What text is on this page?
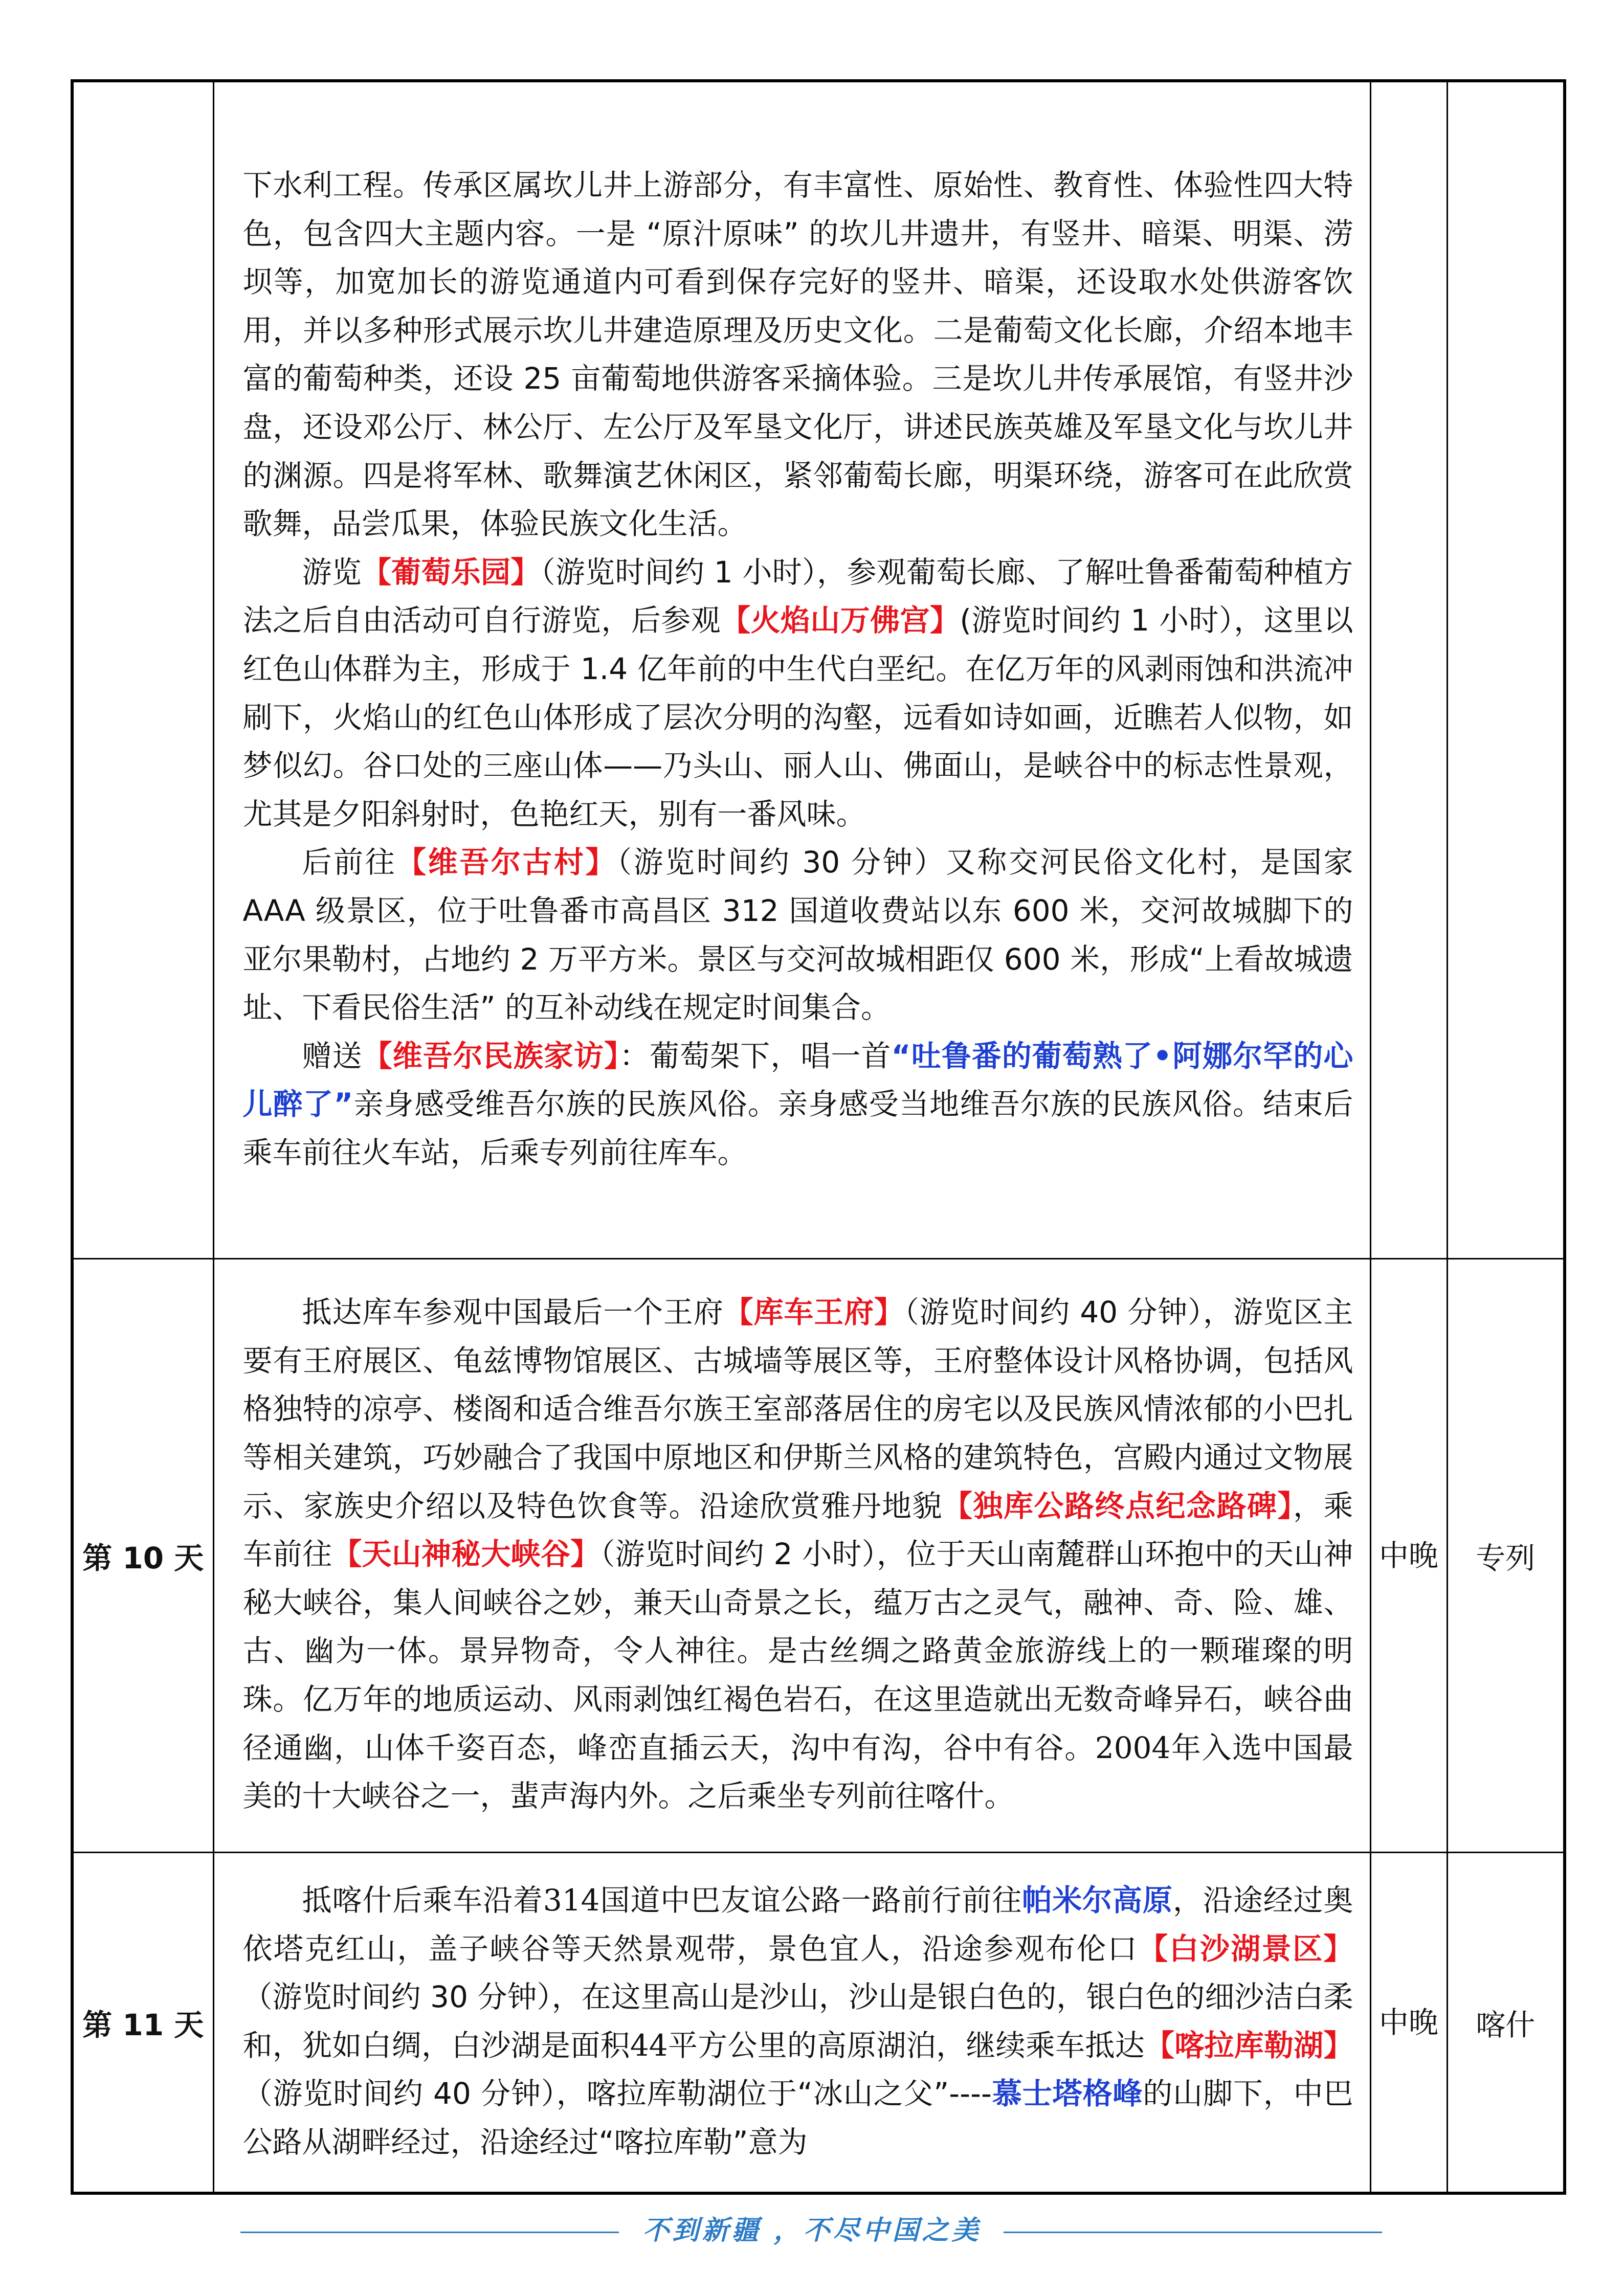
	下水利工程。传承区属坎儿井上游部分，有丰富性、原始性、教育性、体验性四大特色，包含四大主题内容。一是 “原汁原味” 的坎儿井遗井，有竖井、暗渠、明渠、涝坝等，加宽加长的游览通道内可看到保存完好的竖井、暗渠，还设取水处供游客饮用，并以多种形式展示坎儿井建造原理及历史文化。二是葡萄文化长廊，介绍本地丰富的葡萄种类，还设 25 亩葡萄地供游客采摘体验。三是坎儿井传承展馆，有竖井沙盘，还设邓公厅、林公厅、左公厅及军垦文化厅，讲述民族英雄及军垦文化与坎儿井的渊源。四是将军林、歌舞演艺休闲区，紧邻葡萄长廊，明渠环绕，游客可在此欣赏歌舞，品尝瓜果，体验民族文化生活。

游览【葡萄乐园】（游览时间约 1 小时），参观葡萄长廊、了解吐鲁番葡萄种植方法之后自由活动可自行游览，后参观【火焰山万佛宫】(游览时间约 1 小时），这里以红色山体群为主，形成于 1.4 亿年前的中生代白垩纪。在亿万年的风剥雨蚀和洪流冲刷下，火焰山的红色山体形成了层次分明的沟壑，远看如诗如画，近瞧若人似物，如梦似幻。谷口处的三座山体——乃头山、丽人山、佛面山，是峡谷中的标志性景观，尤其是夕阳斜射时，色艳红天，别有一番风味。

后前往【维吾尔古村】（游览时间约 30 分钟）又称交河民俗文化村，是国家 AAA 级景区，位于吐鲁番市高昌区 312 国道收费站以东 600 米，交河故城脚下的亚尔果勒村，占地约 2 万平方米。景区与交河故城相距仅 600 米，形成“上看故城遗址、下看民俗生活” 的互补动线在规定时间集合。

赠送【维吾尔民族家访】：葡萄架下，唱一首“吐鲁番的葡萄熟了•阿娜尔罕的心儿醉了”亲身感受维吾尔族的民族风俗。亲身感受当地维吾尔族的民族风俗。结束后乘车前往火车站，后乘专列前往库车。		

第 10 天	抵达库车参观中国最后一个王府【库车王府】（游览时间约 40 分钟），游览区主要有王府展区、龟兹博物馆展区、古城墙等展区等，王府整体设计风格协调，包括风格独特的凉亭、楼阁和适合维吾尔族王室部落居住的房宅以及民族风情浓郁的小巴扎等相关建筑，巧妙融合了我国中原地区和伊斯兰风格的建筑特色，宫殿内通过文物展示、家族史介绍以及特色饮食等。沿途欣赏雅丹地貌【独库公路终点纪念路碑】，乘车前往【天山神秘大峡谷】（游览时间约 2 小时），位于天山南麓群山环抱中的天山神秘大峡谷，集人间峡谷之妙，兼天山奇景之长，蕴万古之灵气，融神、奇、险、雄、古、幽为一体。景异物奇，令人神往。是古丝绸之路黄金旅游线上的一颗璀璨的明珠。亿万年的地质运动、风雨剥蚀红褐色岩石，在这里造就出无数奇峰异石，峡谷曲径通幽，山体千姿百态，峰峦直插云天，沟中有沟，谷中有谷。2004年入选中国最美的十大峡谷之一，蜚声海内外。之后乘坐专列前往喀什。	中晚	专列
第 11 天	抵喀什后乘车沿着314国道中巴友谊公路一路前行前往帕米尔高原，沿途经过奥依塔克红山，盖子峡谷等天然景观带，景色宜人，沿途参观布伦口【白沙湖景区】（游览时间约 30 分钟），在这里高山是沙山，沙山是银白色的，银白色的细沙洁白柔和，犹如白绸，白沙湖是面积44平方公里的高原湖泊，继续乘车抵达【喀拉库勒湖】（游览时间约 40 分钟），喀拉库勒湖位于“冰山之父”----慕士塔格峰的山脚下，中巴公路从湖畔经过，沿途经过“喀拉库勒”意为	中晚	喀什
不到新疆 ，不尽中国之美
